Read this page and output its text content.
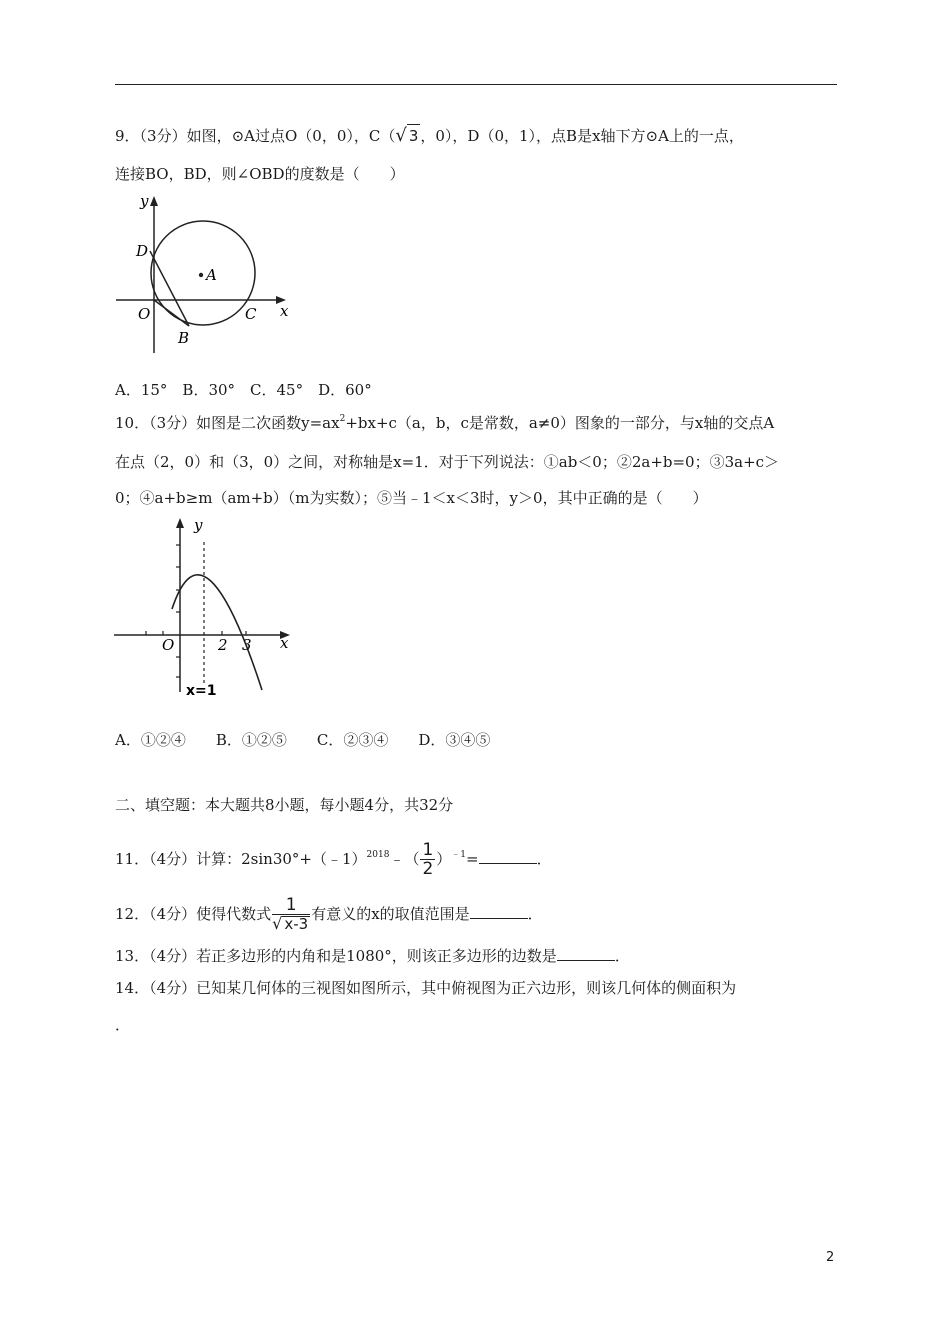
9．（3分）如图，⊙A过点O（0，0），C（√ 3 ，0），D（0，1），点B是x轴下方⊙A上的一点，
连接BO，BD，则∠OBD的度数是（　　）
y
x
D
A
O	C
B
A．15°　B．30°　C．45°　D．60°
10．（3分）如图是二次函数$y=ax^2+bx+c(a$，b，c是常数，a≠0）图象的一部分，与x轴的交点A
在点（2，0）和（3，0）之间，对称轴是x=1．对于下列说法：①ab＜0；②2a+b=0；③3a+c＞
0；④a+b≥m（am+b）（m为实数）；⑤当﹣1＜x＜3时，y＞0，其中正确的是（　　）
y
x
O	2 3
x=1
A．①②④　　B．①②⑤　　C．②③④　　D．③④⑤
二、填空题：本大题共8小题，每小题4分，共32分
11．（4分）计算：2sin30°+（﹣1）$^{2018}$﹣（ $\frac{1}{2} )^{﹣1}=$	．
12．（4分）使得代数式 $\frac{1}{√ x-3}$ 有意义的x的取值范围是	．
13．（4分）若正多边形的内角和是1080°，则该正多边形的边数是	．
14．（4分）已知某几何体的三视图如图所示，其中俯视图为正六边形，则该几何体的侧面积为
．
2
